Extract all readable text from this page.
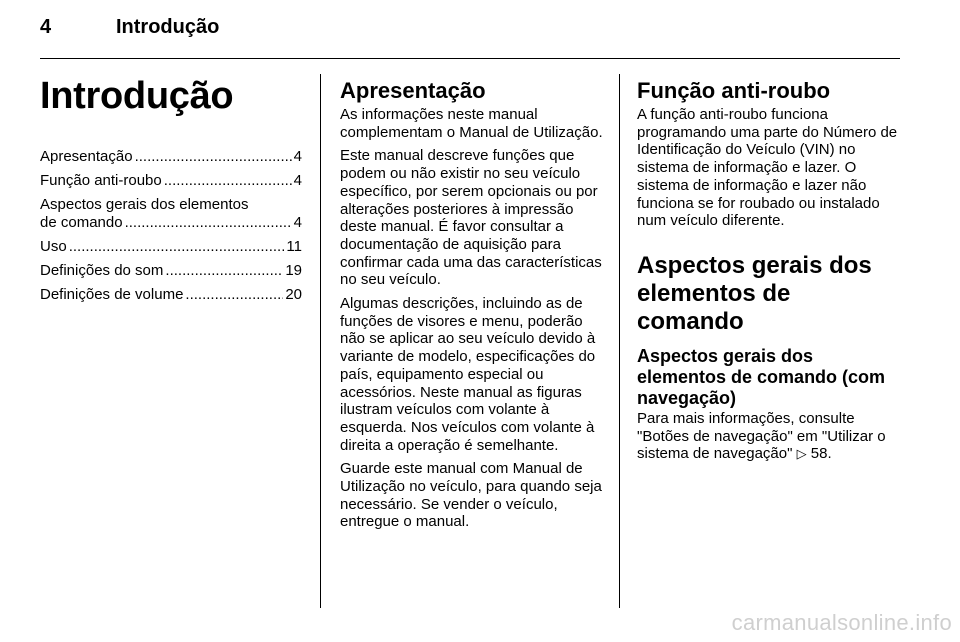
4	Introdução
Introdução
Apresentação .....	4
Função anti-roubo .....	4
Aspectos gerais dos elementos
de comando .....	4
Uso .....	11
Definições do som .....	19
Definições de volume .....	20
Apresentação

As informações neste manual complementam o Manual de Utilização.

Este manual descreve funções que podem ou não existir no seu veículo específico, por serem opcionais ou por alterações posteriores à impressão deste manual. É favor consultar a documentação de aquisição para confirmar cada uma das características no seu veículo.

Algumas descrições, incluindo as de funções de visores e menu, poderão não se aplicar ao seu veículo devido à variante de modelo, especificações do país, equipamento especial ou acessórios. Neste manual as figuras ilustram veículos com volante à esquerda. Nos veículos com volante à direita a operação é semelhante.

Guarde este manual com Manual de Utilização no veículo, para quando seja necessário. Se vender o veículo, entregue o manual.

Função anti-roubo

A função anti-roubo funciona programando uma parte do Número de Identificação do Veículo (VIN) no sistema de informação e lazer. O sistema de informação e lazer não funciona se for roubado ou instalado num veículo diferente.

Aspectos gerais dos elementos de comando
Aspectos gerais dos elementos de comando (com navegação)

Para mais informações, consulte "Botões de navegação" em "Utilizar o sistema de navegação" ▷ 58.

carmanualsonline.info
